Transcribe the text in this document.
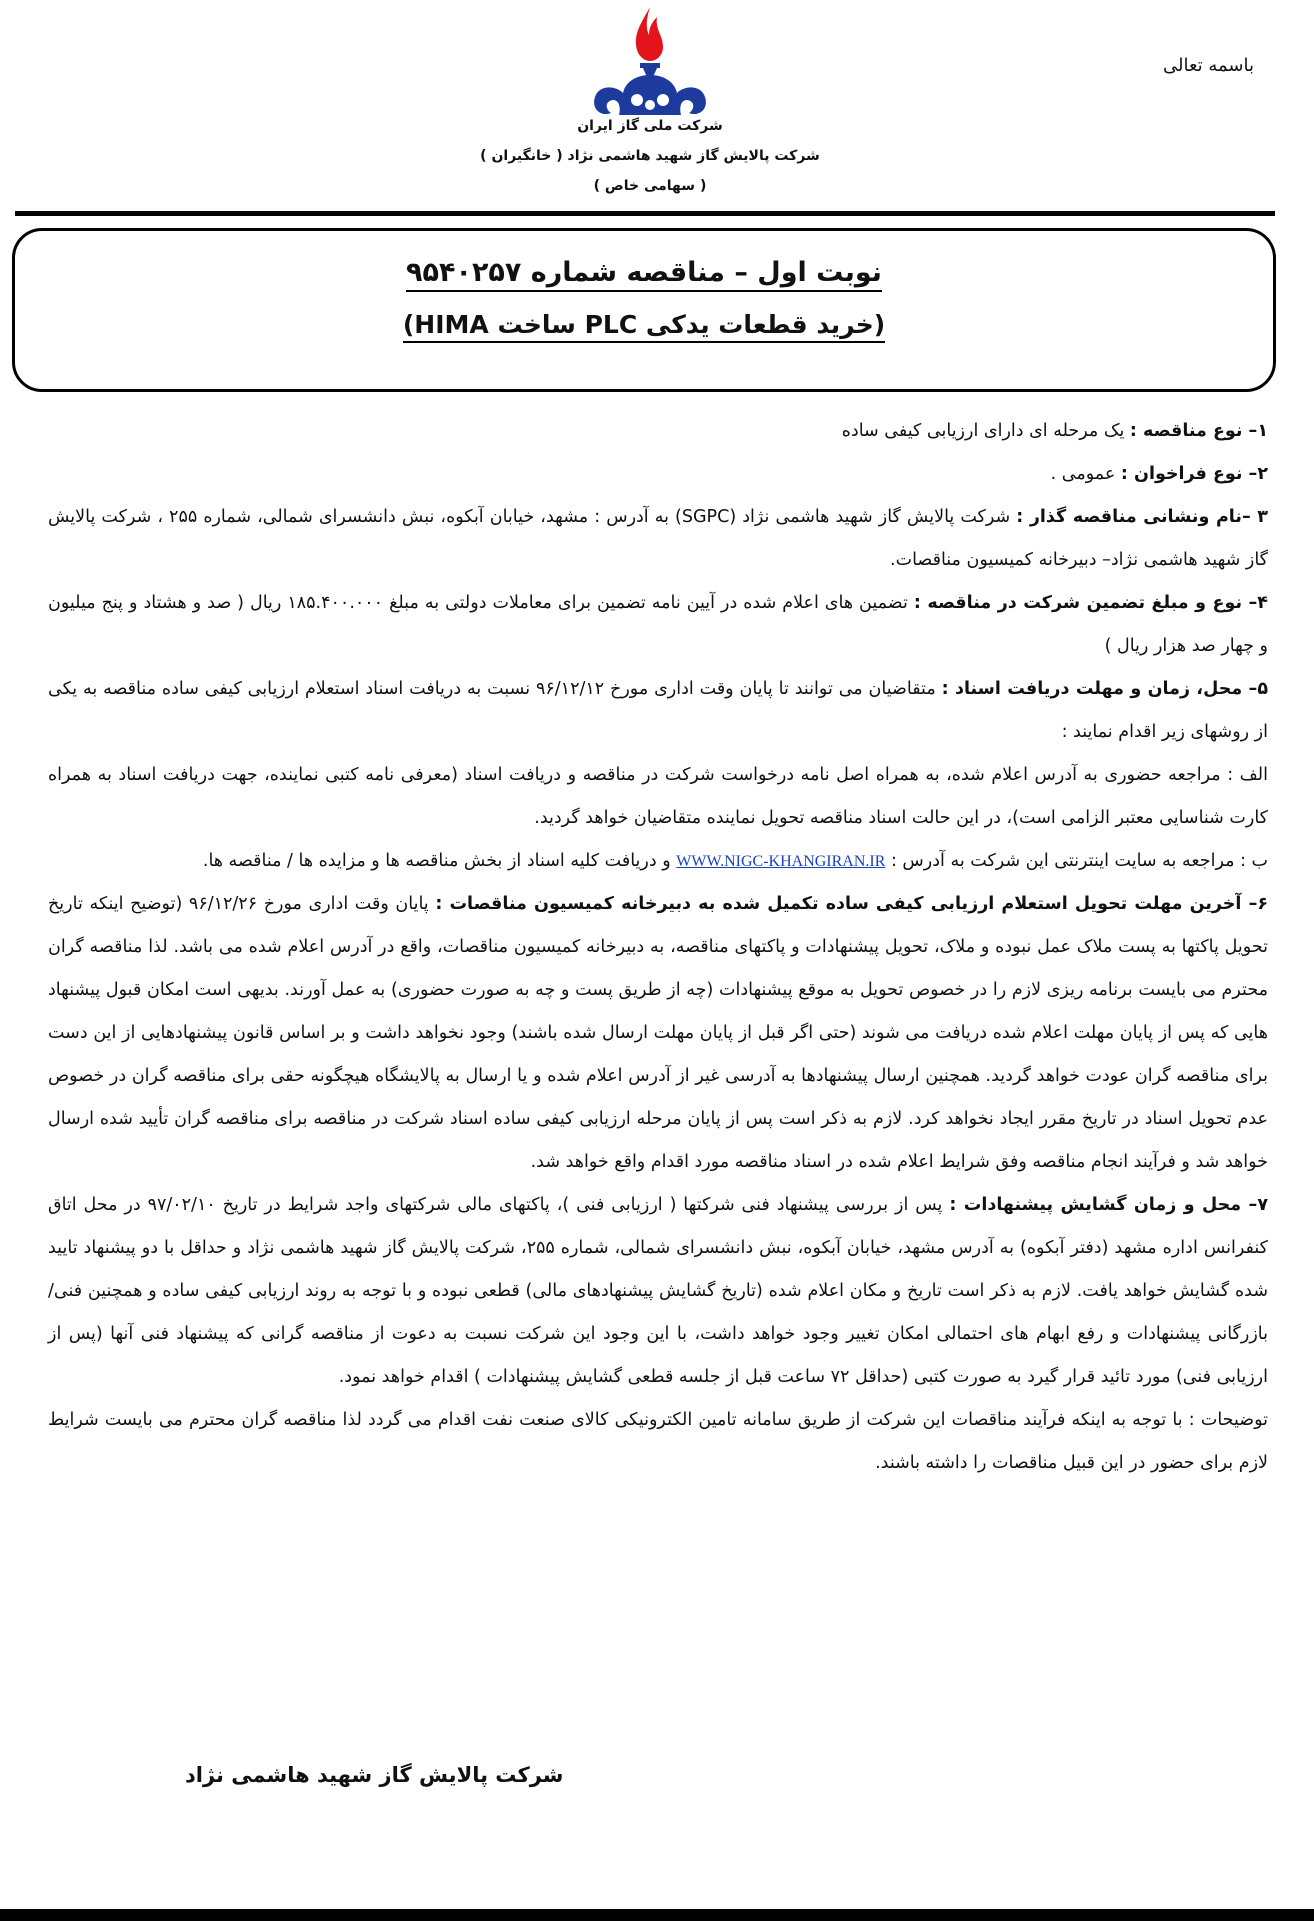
باسمه تعالی
شرکت ملی گاز ایران
شرکت پالایش گاز شهید هاشمی نژاد ( خانگیران )
( سهامی خاص )
نوبت اول – مناقصه شماره ۹۵۴۰۲۵۷
(خرید قطعات یدکی PLC ساخت HIMA)

۱– نوع مناقصه : یک مرحله ای دارای ارزیابی کیفی ساده

۲– نوع فراخوان : عمومی .

۳ –نام ونشانی مناقصه گذار : شرکت پالایش گاز شهید هاشمی نژاد (SGPC) به آدرس : مشهد، خیابان آبکوه، نبش دانشسرای شمالی، شماره ۲۵۵ ، شرکت پالایش گاز شهید هاشمی نژاد– دبیرخانه کمیسیون مناقصات.

۴– نوع و مبلغ تضمین شرکت در مناقصه : تضمین های اعلام شده در آیین نامه تضمین برای معاملات دولتی به مبلغ ۱۸۵.۴۰۰.۰۰۰ ریال ( صد و هشتاد و پنج میلیون و چهار صد هزار ریال )

۵– محل، زمان و مهلت دریافت اسناد : متقاضیان می توانند تا پایان وقت اداری مورخ ۹۶/۱۲/۱۲ نسبت به دریافت اسناد استعلام ارزیابی کیفی ساده مناقصه به یکی از روشهای زیر اقدام نمایند :

الف : مراجعه حضوری به آدرس اعلام شده، به همراه اصل نامه درخواست شرکت در مناقصه و دریافت اسناد (معرفی نامه کتبی نماینده، جهت دریافت اسناد به همراه کارت شناسایی معتبر الزامی است)، در این حالت اسناد مناقصه تحویل نماینده متقاضیان خواهد گردید.

ب : مراجعه به سایت اینترنتی این شرکت به آدرس : WWW.NIGC-KHANGIRAN.IR و دریافت کلیه اسناد از بخش مناقصه ها و مزایده ها / مناقصه ها.

۶– آخرین مهلت تحویل استعلام ارزیابی کیفی ساده تکمیل شده به دبیرخانه کمیسیون مناقصات : پایان وقت اداری مورخ ۹۶/۱۲/۲۶ (توضیح اینکه تاریخ تحویل پاکتها به پست ملاک عمل نبوده و ملاک، تحویل پیشنهادات و پاکتهای مناقصه، به دبیرخانه کمیسیون مناقصات، واقع در آدرس اعلام شده می باشد. لذا مناقصه گران محترم می بایست برنامه ریزی لازم را در خصوص تحویل به موقع پیشنهادات (چه از طریق پست و چه به صورت حضوری) به عمل آورند. بدیهی است امکان قبول پیشنهاد هایی که پس از پایان مهلت اعلام شده دریافت می شوند (حتی اگر قبل از پایان مهلت ارسال شده باشند) وجود نخواهد داشت و بر اساس قانون پیشنهادهایی از این دست برای مناقصه گران عودت خواهد گردید. همچنین ارسال پیشنهادها به آدرسی غیر از آدرس اعلام شده و یا ارسال به پالایشگاه هیچگونه حقی برای مناقصه گران در خصوص عدم تحویل اسناد در تاریخ مقرر ایجاد نخواهد کرد. لازم به ذکر است پس از پایان مرحله ارزیابی کیفی ساده اسناد شرکت در مناقصه برای مناقصه گران تأیید شده ارسال خواهد شد و فرآیند انجام مناقصه وفق شرایط اعلام شده در اسناد مناقصه مورد اقدام واقع خواهد شد.

۷– محل و زمان گشایش پیشنهادات : پس از بررسی پیشنهاد فنی شرکتها ( ارزیابی فنی )، پاکتهای مالی شرکتهای واجد شرایط در تاریخ ۹۷/۰۲/۱۰ در محل اتاق کنفرانس اداره مشهد (دفتر آبکوه) به آدرس مشهد، خیابان آبکوه، نبش دانشسرای شمالی، شماره ۲۵۵، شرکت پالایش گاز شهید هاشمی نژاد و حداقل با دو پیشنهاد تایید شده گشایش خواهد یافت. لازم به ذکر است تاریخ و مکان اعلام شده (تاریخ گشایش پیشنهادهای مالی) قطعی نبوده و با توجه به روند ارزیابی کیفی ساده و همچنین فنی/بازرگانی پیشنهادات و رفع ابهام های احتمالی امکان تغییر وجود خواهد داشت، با این وجود این شرکت نسبت به دعوت از مناقصه گرانی که پیشنهاد فنی آنها (پس از ارزیابی فنی) مورد تائید قرار گیرد به صورت کتبی (حداقل ۷۲ ساعت قبل از جلسه قطعی گشایش پیشنهادات ) اقدام خواهد نمود.

توضیحات : با توجه به اینکه فرآیند مناقصات این شرکت از طریق سامانه تامین الکترونیکی کالای صنعت نفت اقدام می گردد لذا مناقصه گران محترم می بایست شرایط لازم برای حضور در این قبیل مناقصات را داشته باشند.

شرکت پالایش گاز شهید هاشمی نژاد
